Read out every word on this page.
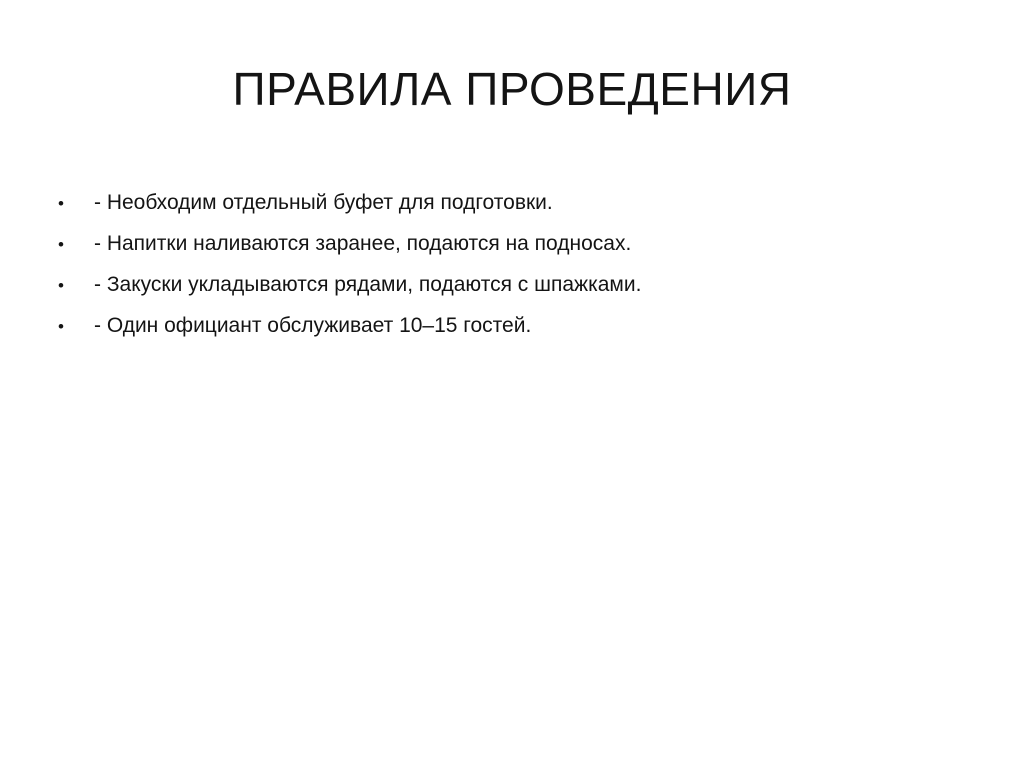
ПРАВИЛА ПРОВЕДЕНИЯ
•	- Необходим отдельный буфет для подготовки.
•	- Напитки наливаются заранее, подаются на подносах.
•	- Закуски укладываются рядами, подаются с шпажками.
•	- Один официант обслуживает 10–15 гостей.
